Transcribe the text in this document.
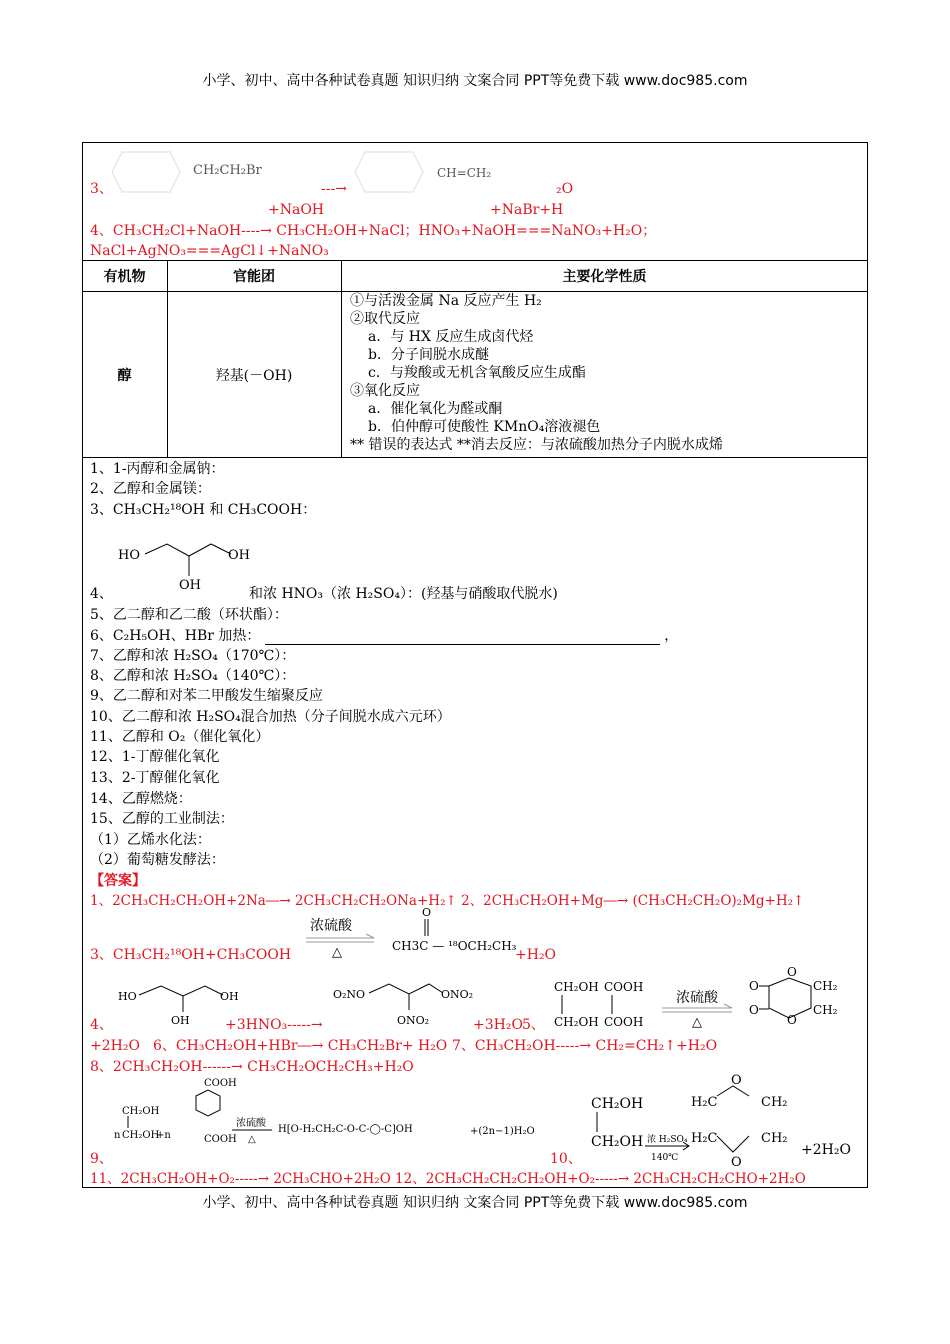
小学、初中、高中各种试卷真题 知识归纳 文案合同 PPT等免费下载 www.doc985.com
CH₂CH₂Br	CH=CH₂
3、	---→	₂O
+NaOH	+NaBr+H
4、CH₃CH₂Cl+NaOH----→ CH₃CH₂OH+NaCl；HNO₃+NaOH===NaNO₃+H₂O；
NaCl+AgNO₃===AgCl↓+NaNO₃
有机物	官能团	主要化学性质
醇	羟基(－OH)
①与活泼金属 Na 反应产生 H₂
②取代反应
a．与 HX 反应生成卤代烃
b．分子间脱水成醚
c．与羧酸或无机含氧酸反应生成酯
③氧化反应
a．催化氧化为醛或酮
b．伯仲醇可使酸性 KMnO₄溶液褪色
** 错误的表达式 **消去反应：与浓硫酸加热分子内脱水成烯
1、1-丙醇和金属钠：
2、乙醇和金属镁：
3、CH₃CH₂¹⁸OH 和 CH₃COOH：
HO	OH
OH
4、	和浓 HNO₃（浓 H₂SO₄）：(羟基与硝酸取代脱水)
5、乙二醇和乙二酸（环状酯）：
6、C₂H₅OH、HBr 加热：	，
7、乙醇和浓 H₂SO₄（170℃）：
8、乙醇和浓 H₂SO₄（140℃）：
9、乙二醇和对苯二甲酸发生缩聚反应
10、乙二醇和浓 H₂SO₄混合加热（分子间脱水成六元环）
11、乙醇和 O₂（催化氧化）
12、1-丁醇催化氧化
13、2-丁醇催化氧化
14、乙醇燃烧：
15、乙醇的工业制法：
（1）乙烯水化法：
（2）葡萄糖发酵法：
【答案】
1、2CH₃CH₂CH₂OH+2Na―→ 2CH₃CH₂CH₂ONa+H₂↑ 2、2CH₃CH₂OH+Mg―→ (CH₃CH₂CH₂O)₂Mg+H₂↑
3、CH₃CH₂¹⁸OH+CH₃COOH
浓硫酸
△
O
CH3C — ¹⁸OCH₂CH₃
+H₂O
HO	OH
OH
O₂NO	ONO₂
ONO₂
CH₂OH
CH₂OH
COOH
COOH
浓硫酸
△
O
O
O
O
CH₂
CH₂
4、	+3HNO₃-----→	+3H₂O 5、
+2H₂O 6、CH₃CH₂OH+HBr―→ CH₃CH₂Br+ H₂O 7、CH₃CH₂OH-----→ CH₂=CH₂↑+H₂O
8、2CH₃CH₂OH------→ CH₃CH₂OCH₂CH₃+H₂O
CH₂OH
n CH₂OH
+n
COOH
COOH
浓硫酸
△
H[O-H₂CH₂C-O-C-◯-C]OH	+(2n−1)H₂O
9、
CH₂OH
CH₂OH 浓 H₂SO₄
140℃
O
O
H₂C
H₂C
CH₂
CH₂
+2H₂O
10、
11、2CH₃CH₂OH+O₂-----→ 2CH₃CHO+2H₂O 12、2CH₃CH₂CH₂CH₂OH+O₂-----→ 2CH₃CH₂CH₂CHO+2H₂O
小学、初中、高中各种试卷真题 知识归纳 文案合同 PPT等免费下载 www.doc985.com
